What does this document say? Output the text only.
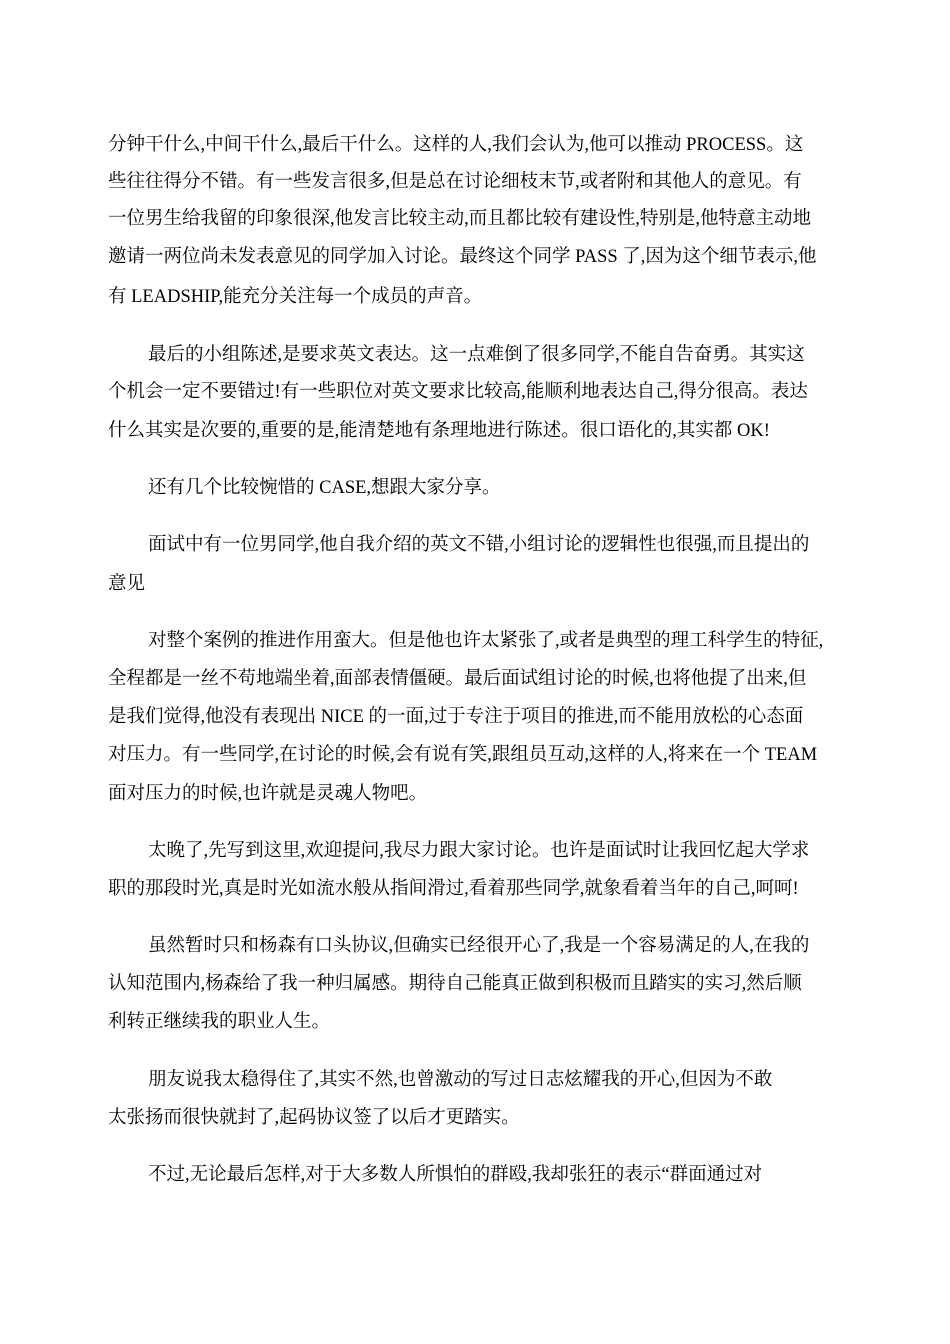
分钟干什么,中间干什么,最后干什么。这样的人,我们会认为,他可以推动 PROCESS。这
些往往得分不错。有一些发言很多,但是总在讨论细枝末节,或者附和其他人的意见。有
一位男生给我留的印象很深,他发言比较主动,而且都比较有建设性,特别是,他特意主动地
邀请一两位尚未发表意见的同学加入讨论。最终这个同学 PASS 了,因为这个细节表示,他
有 LEADSHIP,能充分关注每一个成员的声音。
最后的小组陈述,是要求英文表达。这一点难倒了很多同学,不能自告奋勇。其实这
个机会一定不要错过!有一些职位对英文要求比较高,能顺利地表达自己,得分很高。表达
什么其实是次要的,重要的是,能清楚地有条理地进行陈述。很口语化的,其实都 OK!
还有几个比较惋惜的 CASE,想跟大家分享。
面试中有一位男同学,他自我介绍的英文不错,小组讨论的逻辑性也很强,而且提出的
意见
对整个案例的推进作用蛮大。但是他也许太紧张了,或者是典型的理工科学生的特征,
全程都是一丝不苟地端坐着,面部表情僵硬。最后面试组讨论的时候,也将他提了出来,但
是我们觉得,他没有表现出 NICE 的一面,过于专注于项目的推进,而不能用放松的心态面
对压力。有一些同学,在讨论的时候,会有说有笑,跟组员互动,这样的人,将来在一个 TEAM
面对压力的时候,也许就是灵魂人物吧。
太晚了,先写到这里,欢迎提问,我尽力跟大家讨论。也许是面试时让我回忆起大学求
职的那段时光,真是时光如流水般从指间滑过,看着那些同学,就象看着当年的自己,呵呵!
虽然暂时只和杨森有口头协议,但确实已经很开心了,我是一个容易满足的人,在我的
认知范围内,杨森给了我一种归属感。期待自己能真正做到积极而且踏实的实习,然后顺
利转正继续我的职业人生。
朋友说我太稳得住了,其实不然,也曾激动的写过日志炫耀我的开心,但因为不敢
太张扬而很快就封了,起码协议签了以后才更踏实。
不过,无论最后怎样,对于大多数人所惧怕的群殴,我却张狂的表示“群面通过对
